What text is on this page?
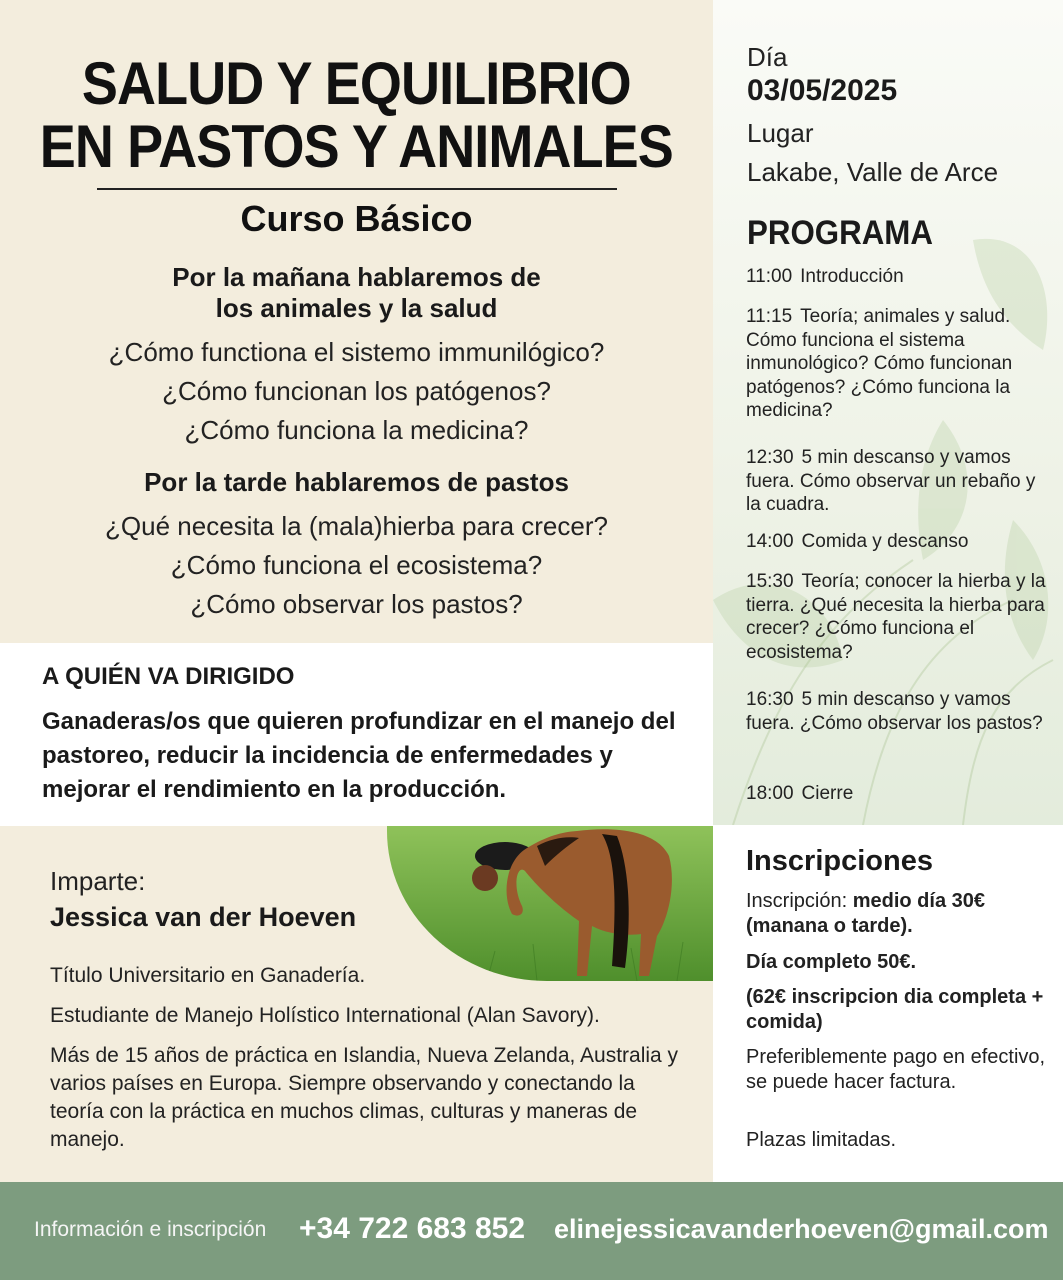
SALUD Y EQUILIBRIO
EN PASTOS Y ANIMALES
Curso Básico
Por la mañana hablaremos de
los animales y la salud
¿Cómo functiona el sistemo immunilógico?
¿Cómo funcionan los patógenos?
¿Cómo funciona la medicina?
Por la tarde hablaremos de pastos
¿Qué necesita la (mala)hierba para crecer?
¿Cómo funciona el ecosistema?
¿Cómo observar los pastos?
A QUIÉN VA DIRIGIDO
Ganaderas/os que quieren profundizar en el manejo del pastoreo, reducir la incidencia de enfermedades y mejorar el rendimiento en la producción.
Imparte:
Jessica van der Hoeven
Título Universitario en Ganadería.
Estudiante de Manejo Holístico International (Alan Savory).
Más de 15 años de práctica en Islandia, Nueva Zelanda, Australia y varios países en Europa. Siempre observando y conectando la teoría con la práctica en muchos climas, culturas y maneras de manejo.
Día
03/05/2025
Lugar
Lakabe, Valle de Arce
PROGRAMA
11:00 Introducción
11:15 Teoría; animales y salud. Cómo funciona el sistema inmunológico? Cómo funcionan patógenos? ¿Cómo funciona la medicina?
12:30 5 min descanso y vamos fuera. Cómo observar un rebaño y la cuadra.
14:00 Comida y descanso
15:30 Teoría; conocer la hierba y la tierra. ¿Qué necesita la hierba para crecer? ¿Cómo funciona el ecosistema?
16:30 5 min descanso y vamos fuera. ¿Cómo observar los pastos?
18:00 Cierre
Inscripciones
Inscripción: medio día 30€ (manana o tarde).
Día completo 50€.
(62€ inscripcion dia completa + comida)
Preferiblemente pago en efectivo, se puede hacer factura.
Plazas limitadas.
Información e inscripción +34 722 683 852 elinejessicavanderhoeven@gmail.com
